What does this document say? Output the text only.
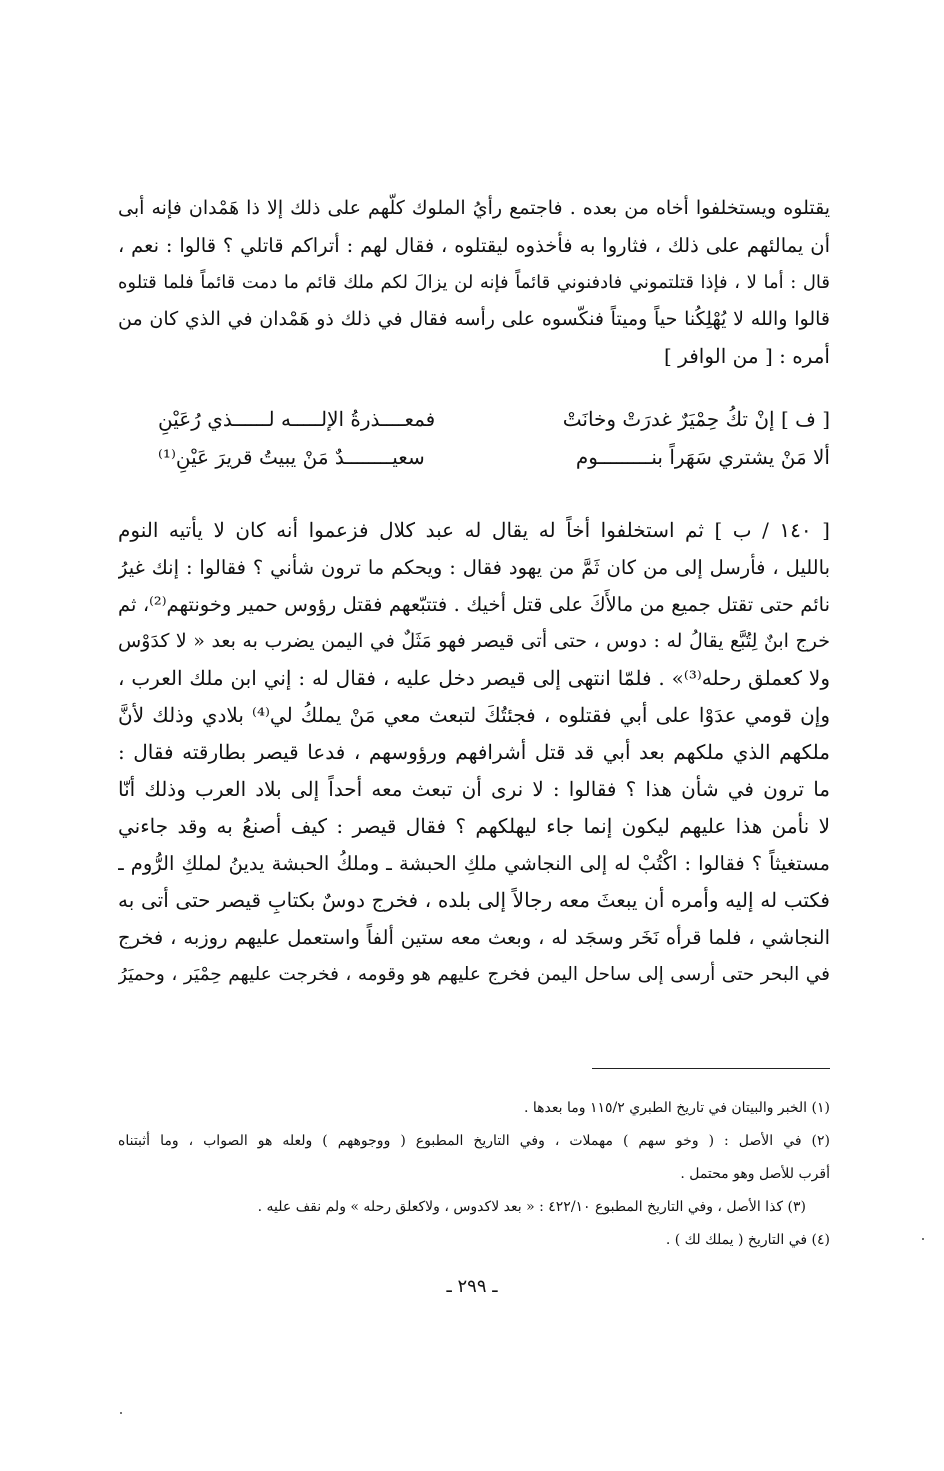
يقتلوه ويستخلفوا أخاه من بعده . فاجتمع رأيُ الملوك كلّهم على ذلك إلا ذا هَمْدان فإنه أبى
أن يمالئهم على ذلك ، فثاروا به فأخذوه ليقتلوه ، فقال لهم : أتراكم قاتلي ؟ قالوا : نعم ،
قال : أما لا ، فإذا قتلتموني فادفنوني قائماً فإنه لن يزالَ لكم ملك قائم ما دمت قائماً فلما قتلوه
قالوا والله لا يُهْلِكُنا حياً وميتاً فنكّسوه على رأسه فقال في ذلك ذو هَمْدان في الذي كان من
أمره : [ من الوافر ]
[ ف ] إنْ تكُ حِمْيَرٌ غدرَتْ وخانَتْ
فمعــــذرةُ الإلـــــه لــــــذي رُعَيْنِ
ألا مَنْ يشتري سَهَراً بنـــــــــوم
سعيــــــــدٌ مَنْ يبيتُ قريرَ عَيْنِ⁽¹⁾
[ ١٤٠ / ب ] ثم استخلفوا أخاً له يقال له عبد كلال فزعموا أنه كان لا يأتيه النوم
بالليل ، فأرسل إلى من كان ثَمَّ من يهود فقال : ويحكم ما ترون شأني ؟ فقالوا : إنك غيرُ
نائم حتى تقتل جميع من مالأَكَ على قتل أخيك . فتتبّعهم فقتل رؤوس حمير وخونتهم⁽²⁾، ثم
خرج ابنٌ لِتُبَّع يقالُ له : دوس ، حتى أتى قيصر فهو مَثَلٌ في اليمن يضرب به بعد « لا كدَوْس
ولا كعملق رحله⁽³⁾» . فلمّا انتهى إلى قيصر دخل عليه ، فقال له : إني ابن ملك العرب ،
وإن قومي عدَوْا على أبي فقتلوه ، فجئتُكَ لتبعث معي مَنْ يملكُ لي⁽⁴⁾ بلادي وذلك لأنَّ
ملكهم الذي ملكهم بعد أبي قد قتل أشرافهم ورؤوسهم ، فدعا قيصر بطارقته فقال :
ما ترون في شأن هذا ؟ فقالوا : لا نرى أن تبعث معه أحداً إلى بلاد العرب وذلك أنّا
لا نأمن هذا عليهم ليكون إنما جاء ليهلكهم ؟ فقال قيصر : كيف أصنعُ به وقد جاءني
مستغيثاً ؟ فقالوا : اكْتُبْ له إلى النجاشي ملكِ الحبشة ـ وملكُ الحبشة يدينُ لملكِ الرُّوم ـ
فكتب له إليه وأمره أن يبعثَ معه رجالاً إلى بلده ، فخرج دوسٌ بكتابِ قيصر حتى أتى به
النجاشي ، فلما قرأه نَخَر وسجَد له ، وبعث معه ستين ألفاً واستعمل عليهم روزبه ، فخرج
في البحر حتى أرسى إلى ساحل اليمن فخرج عليهم هو وقومه ، فخرجت عليهم حِمْيَر ، وحميَرُ
(١) الخبر والبيتان في تاريخ الطبري ١١٥/٢ وما بعدها .
(٢) في الأصل : ( وخو سهم ) مهملات ، وفي التاريخ المطبوع ( ووجوههم ) ولعله هو الصواب ، وما أثبتناه
أقرب للأصل وهو محتمل .
(٣) كذا الأصل ، وفي التاريخ المطبوع ٤٢٢/١٠ : « بعد لاكدوس ، ولاكعلق رحله » ولم نقف عليه .
(٤) في التاريخ ( يملك لك ) .
ـ ٢٩٩ ـ
